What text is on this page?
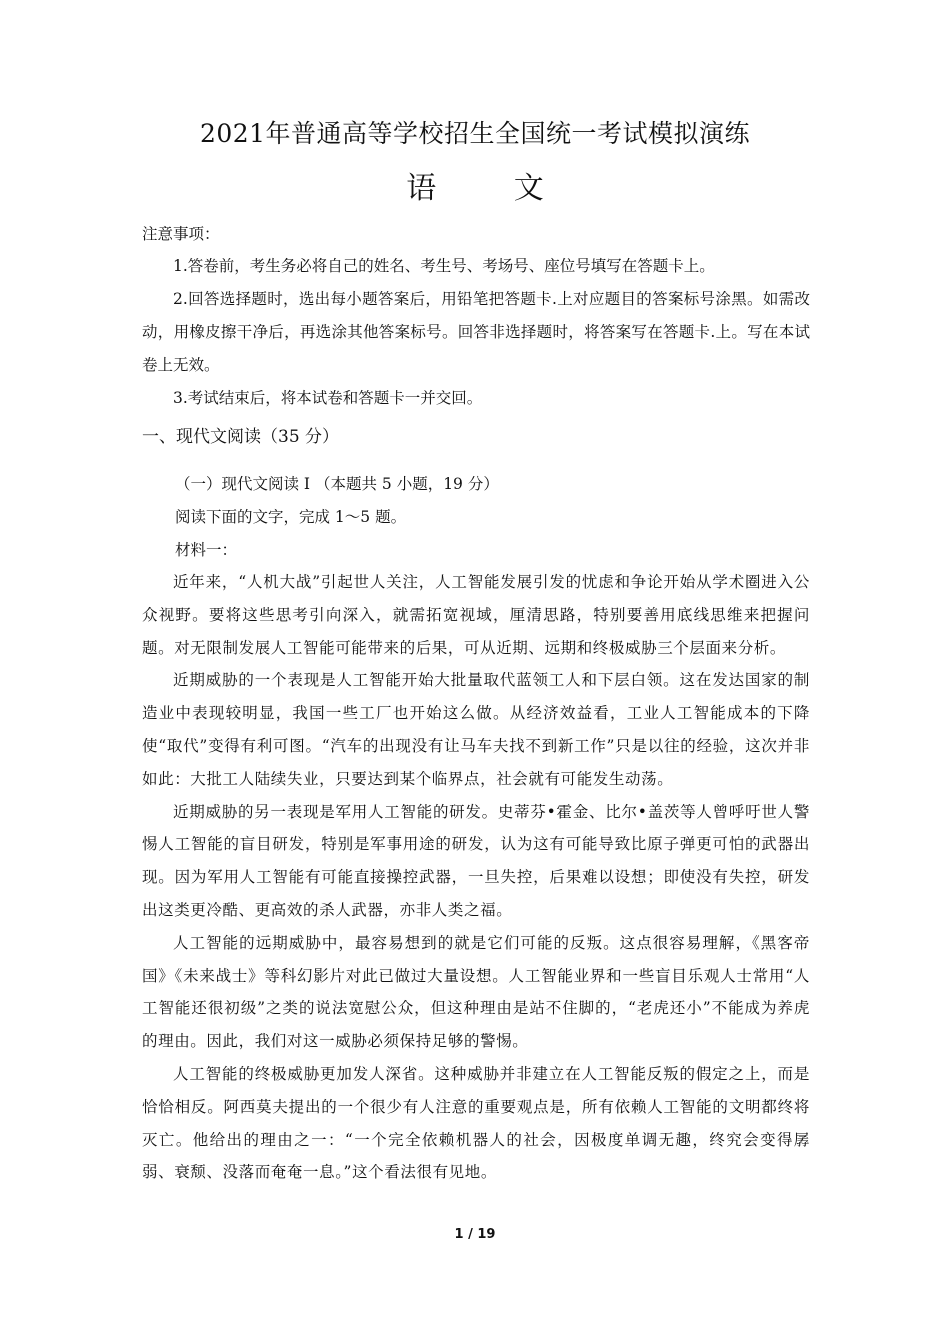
2021年普通高等学校招生全国统一考试模拟演练
语 文
注意事项：

1.答卷前，考生务必将自己的姓名、考生号、考场号、座位号填写在答题卡上。

2.回答选择题时，选出每小题答案后，用铅笔把答题卡.上对应题目的答案标号涂黑。如需改动，用橡皮擦干净后，再选涂其他答案标号。回答非选择题时，将答案写在答题卡.上。写在本试卷上无效。

3.考试结束后，将本试卷和答题卡一并交回。

一、现代文阅读（35 分）
（一）现代文阅读 I （本题共 5 小题，19 分）
阅读下面的文字，完成 1～5 题。
材料一：

近年来，“人机大战”引起世人关注，人工智能发展引发的忧虑和争论开始从学术圈进入公众视野。要将这些思考引向深入，就需拓宽视域，厘清思路，特别要善用底线思维来把握问题。对无限制发展人工智能可能带来的后果，可从近期、远期和终极威胁三个层面来分析。

近期威胁的一个表现是人工智能开始大批量取代蓝领工人和下层白领。这在发达国家的制造业中表现较明显，我国一些工厂也开始这么做。从经济效益看，工业人工智能成本的下降使“取代”变得有利可图。“汽车的出现没有让马车夫找不到新工作”只是以往的经验，这次并非如此：大批工人陆续失业，只要达到某个临界点，社会就有可能发生动荡。

近期威胁的另一表现是军用人工智能的研发。史蒂芬•霍金、比尔•盖茨等人曾呼吁世人警惕人工智能的盲目研发，特别是军事用途的研发，认为这有可能导致比原子弹更可怕的武器出现。因为军用人工智能有可能直接操控武器，一旦失控，后果难以设想；即使没有失控，研发出这类更冷酷、更高效的杀人武器，亦非人类之福。

人工智能的远期威胁中，最容易想到的就是它们可能的反叛。这点很容易理解，《黑客帝国》《未来战士》等科幻影片对此已做过大量设想。人工智能业界和一些盲目乐观人士常用“人工智能还很初级”之类的说法宽慰公众，但这种理由是站不住脚的，“老虎还小”不能成为养虎的理由。因此，我们对这一威胁必须保持足够的警惕。

人工智能的终极威胁更加发人深省。这种威胁并非建立在人工智能反叛的假定之上，而是恰恰相反。阿西莫夫提出的一个很少有人注意的重要观点是，所有依赖人工智能的文明都终将灭亡。他给出的理由之一：“一个完全依赖机器人的社会，因极度单调无趣，终究会变得孱弱、衰颓、没落而奄奄一息。”这个看法很有见地。

1 / 19
